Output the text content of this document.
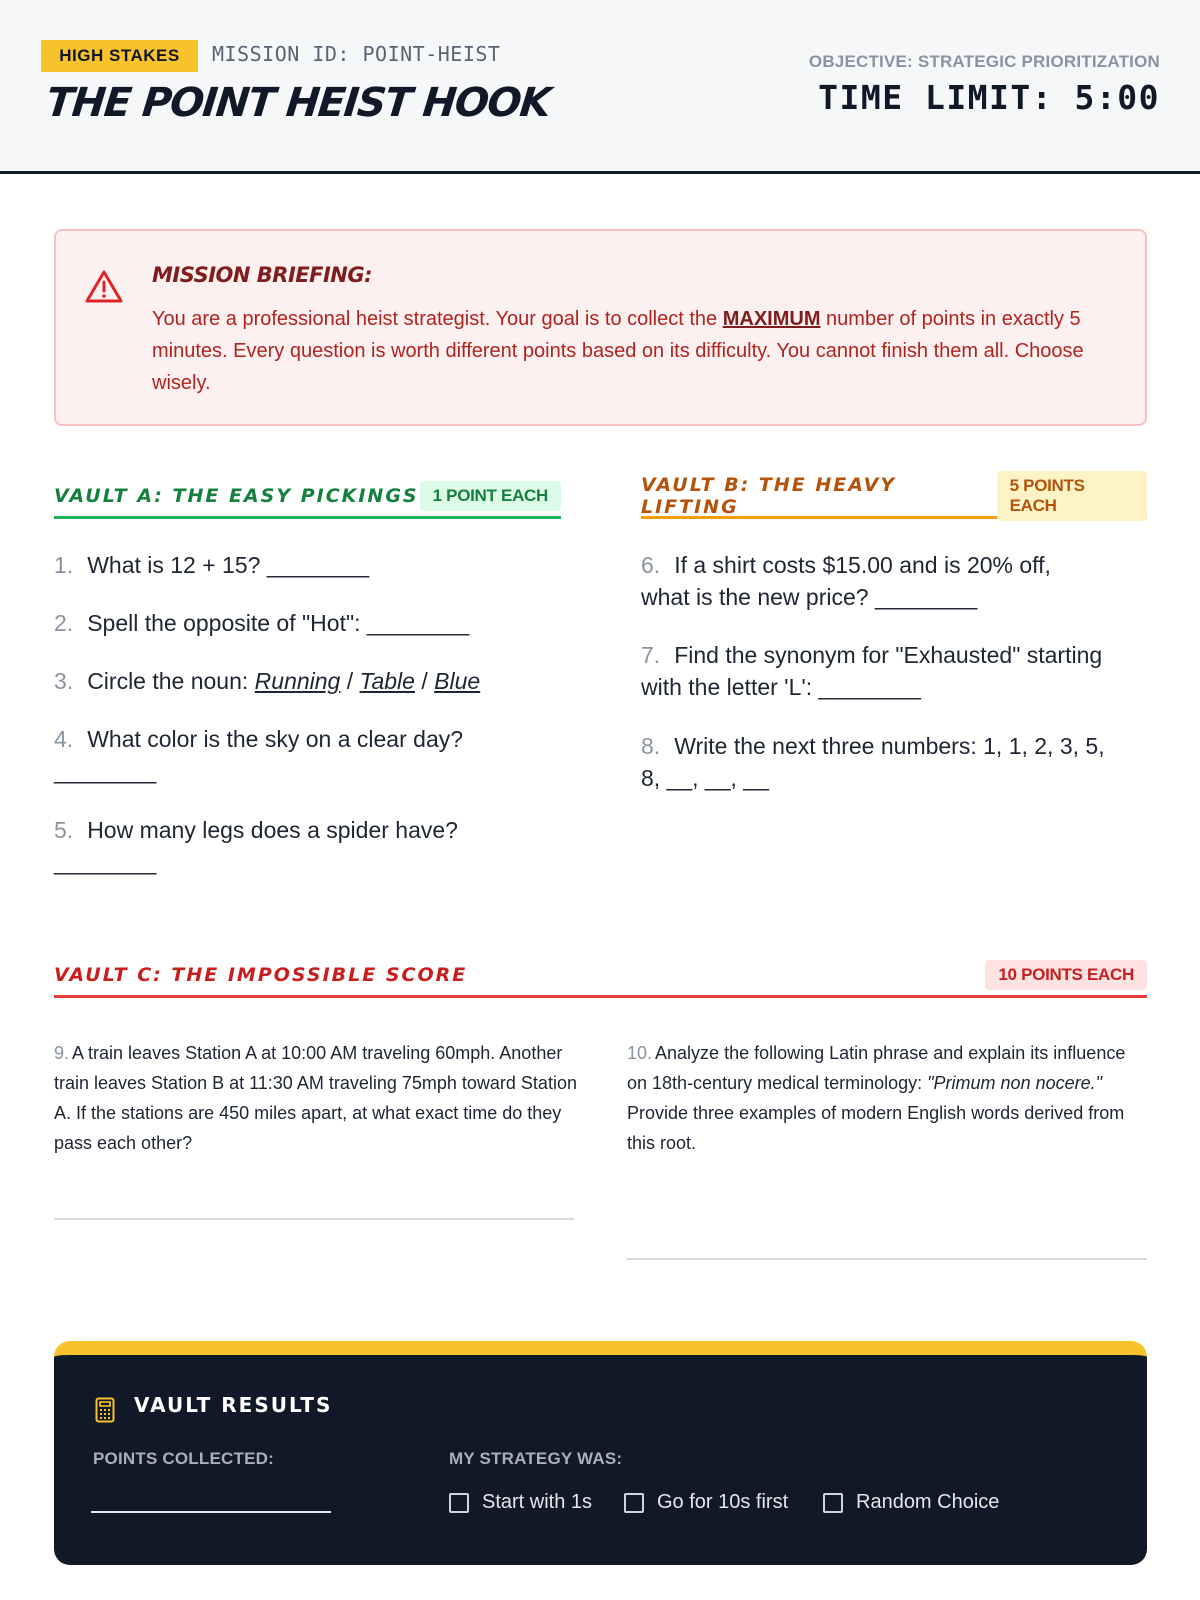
HIGH STAKES	MISSION ID: POINT-HEIST
THE POINT HEIST HOOK
OBJECTIVE: STRATEGIC PRIORITIZATION
TIME LIMIT: 5:00
MISSION BRIEFING:
You are a professional heist strategist. Your goal is to collect the MAXIMUM number of points in exactly 5 minutes. Every question is worth different points based on its difficulty. You cannot finish them all. Choose wisely.
VAULT A: THE EASY PICKINGS 1 POINT EACH
1. What is 12 + 15? ________
2. Spell the opposite of "Hot": ________
3. Circle the noun: Running / Table / Blue
4. What color is the sky on a clear day?
________
5. How many legs does a spider have?
________
VAULT B: THE HEAVY LIFTING
5 POINTS EACH
6. If a shirt costs $15.00 and is 20% off,
what is the new price? ________
7. Find the synonym for "Exhausted" starting
with the letter 'L': ________
8. Write the next three numbers: 1, 1, 2, 3, 5,
8, __, __, __
VAULT C: THE IMPOSSIBLE SCORE	10 POINTS EACH
9. A train leaves Station A at 10:00 AM traveling 60mph. Another train leaves Station B at 11:30 AM traveling 75mph toward Station A. If the stations are 450 miles apart, at what exact time do they pass each other?
10. Analyze the following Latin phrase and explain its influence on 18th-century medical terminology: "Primum non nocere." Provide three examples of modern English words derived from this root.
VAULT RESULTS
POINTS COLLECTED:	MY STRATEGY WAS:
Start with 1s	Go for 10s first	Random Choice
